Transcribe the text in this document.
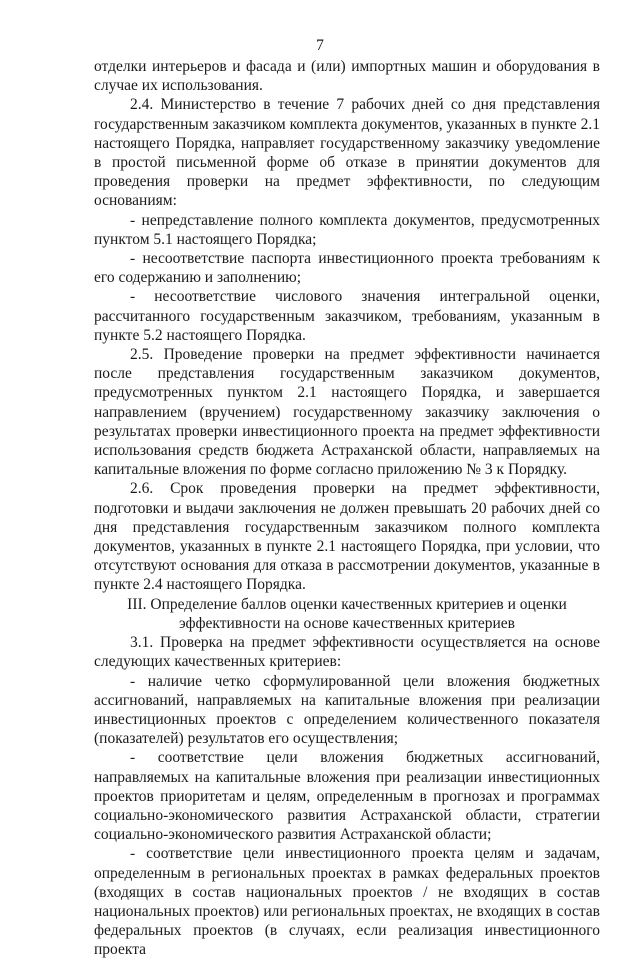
7

отделки интерьеров и фасада и (или) импортных машин и оборудования в случае их использования.

2.4. Министерство в течение 7 рабочих дней со дня представления государственным заказчиком комплекта документов, указанных в пункте 2.1 настоящего Порядка, направляет государственному заказчику уведомление в простой письменной форме об отказе в принятии документов для проведения проверки на предмет эффективности, по следующим основаниям:

- непредставление полного комплекта документов, предусмотренных пунктом 5.1 настоящего Порядка;

- несоответствие паспорта инвестиционного проекта требованиям к его содержанию и заполнению;

- несоответствие числового значения интегральной оценки, рассчитанного государственным заказчиком, требованиям, указанным в пункте 5.2 настоящего Порядка.

2.5. Проведение проверки на предмет эффективности начинается после представления государственным заказчиком документов, предусмотренных пунктом 2.1 настоящего Порядка, и завершается направлением (вручением) государственному заказчику заключения о результатах проверки инвестиционного проекта на предмет эффективности использования средств бюджета Астраханской области, направляемых на капитальные вложения по форме согласно приложению № 3 к Порядку.

2.6. Срок проведения проверки на предмет эффективности, подготовки и выдачи заключения не должен превышать 20 рабочих дней со дня представления государственным заказчиком полного комплекта документов, указанных в пункте 2.1 настоящего Порядка, при условии, что отсутствуют основания для отказа в рассмотрении документов, указанные в пункте 2.4 настоящего Порядка.

III. Определение баллов оценки качественных критериев и оценки эффективности на основе качественных критериев

3.1. Проверка на предмет эффективности осуществляется на основе следующих качественных критериев:

- наличие четко сформулированной цели вложения бюджетных ассигнований, направляемых на капитальные вложения при реализации инвестиционных проектов с определением количественного показателя (показателей) результатов его осуществления;

- соответствие цели вложения бюджетных ассигнований, направляемых на капитальные вложения при реализации инвестиционных проектов приоритетам и целям, определенным в прогнозах и программах социально-экономического развития Астраханской области, стратегии социально-экономического развития Астраханской области;

- соответствие цели инвестиционного проекта целям и задачам, определенным в региональных проектах в рамках федеральных проектов (входящих в состав национальных проектов / не входящих в состав национальных проектов) или региональных проектах, не входящих в состав федеральных проектов (в случаях, если реализация инвестиционного проекта
